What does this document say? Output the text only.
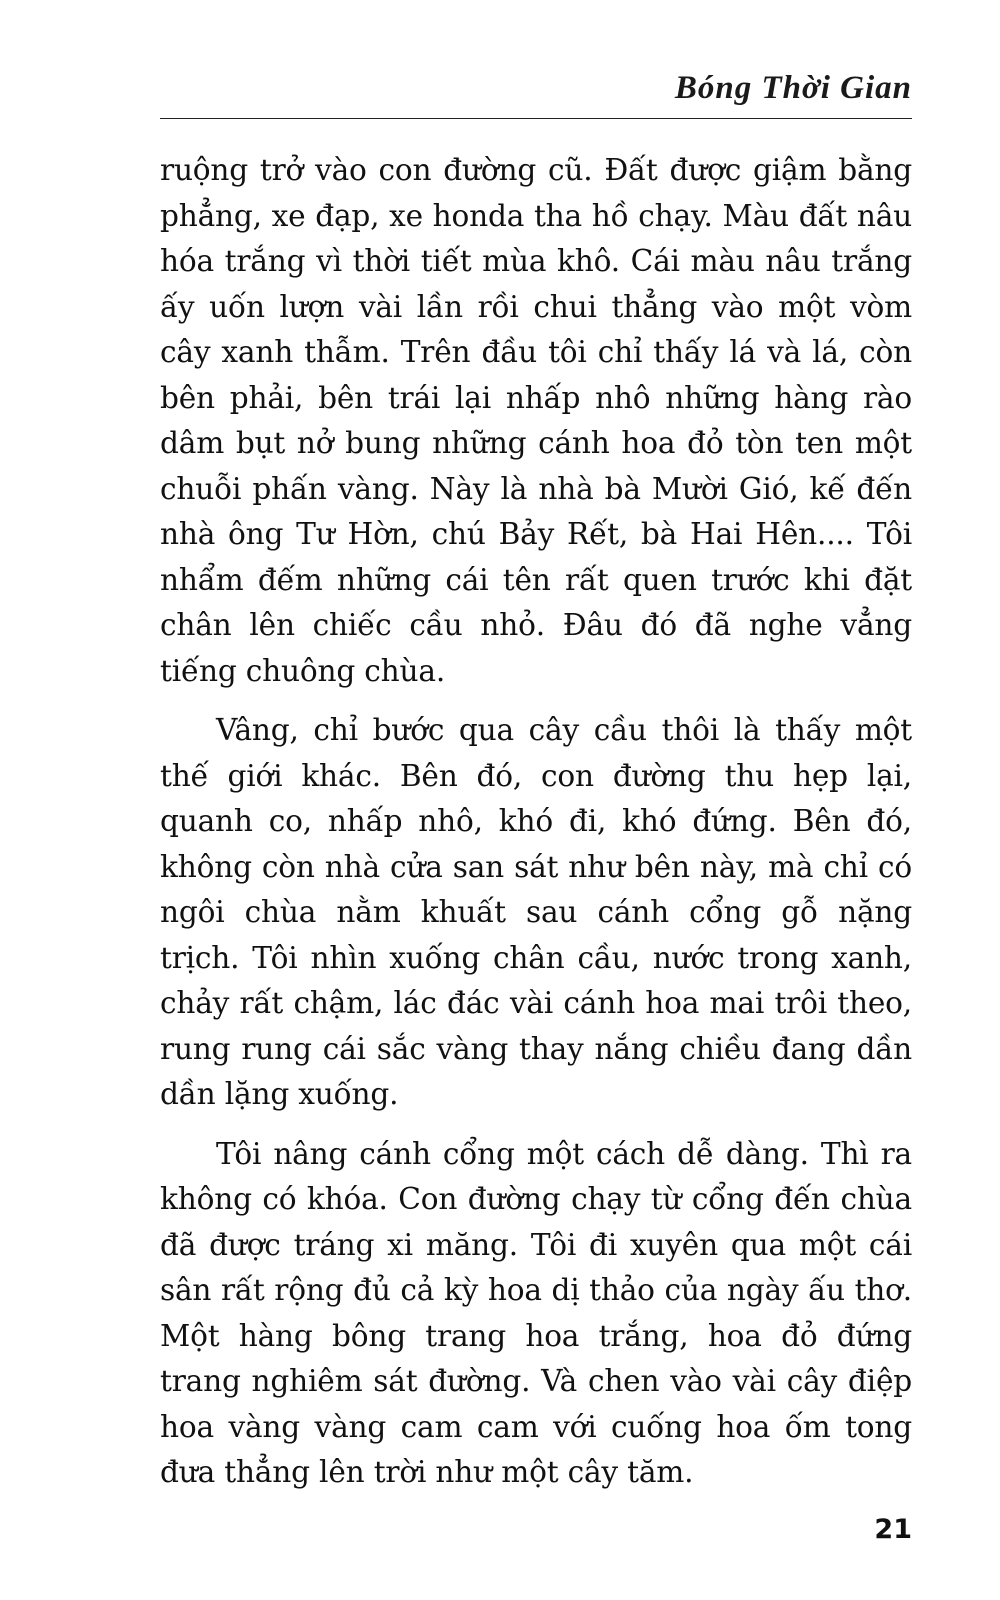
Bóng Thời Gian

ruộng trở vào con đường cũ. Đất được giậm bằng phẳng, xe đạp, xe honda tha hồ chạy. Màu đất nâu hóa trắng vì thời tiết mùa khô. Cái màu nâu trắng ấy uốn lượn vài lần rồi chui thẳng vào một vòm cây xanh thẫm. Trên đầu tôi chỉ thấy lá và lá, còn bên phải, bên trái lại nhấp nhô những hàng rào dâm bụt nở bung những cánh hoa đỏ tòn ten một chuỗi phấn vàng. Này là nhà bà Mười Gió, kế đến nhà ông Tư Hờn, chú Bảy Rết, bà Hai Hên.... Tôi nhẩm đếm những cái tên rất quen trước khi đặt chân lên chiếc cầu nhỏ. Đâu đó đã nghe vẳng tiếng chuông chùa.

Vâng, chỉ bước qua cây cầu thôi là thấy một thế giới khác. Bên đó, con đường thu hẹp lại, quanh co, nhấp nhô, khó đi, khó đứng. Bên đó, không còn nhà cửa san sát như bên này, mà chỉ có ngôi chùa nằm khuất sau cánh cổng gỗ nặng trịch. Tôi nhìn xuống chân cầu, nước trong xanh, chảy rất chậm, lác đác vài cánh hoa mai trôi theo, rung rung cái sắc vàng thay nắng chiều đang dần dần lặng xuống.

Tôi nâng cánh cổng một cách dễ dàng. Thì ra không có khóa. Con đường chạy từ cổng đến chùa đã được tráng xi măng. Tôi đi xuyên qua một cái sân rất rộng đủ cả kỳ hoa dị thảo của ngày ấu thơ. Một hàng bông trang hoa trắng, hoa đỏ đứng trang nghiêm sát đường. Và chen vào vài cây điệp hoa vàng vàng cam cam với cuống hoa ốm tong đưa thẳng lên trời như một cây tăm.

21
